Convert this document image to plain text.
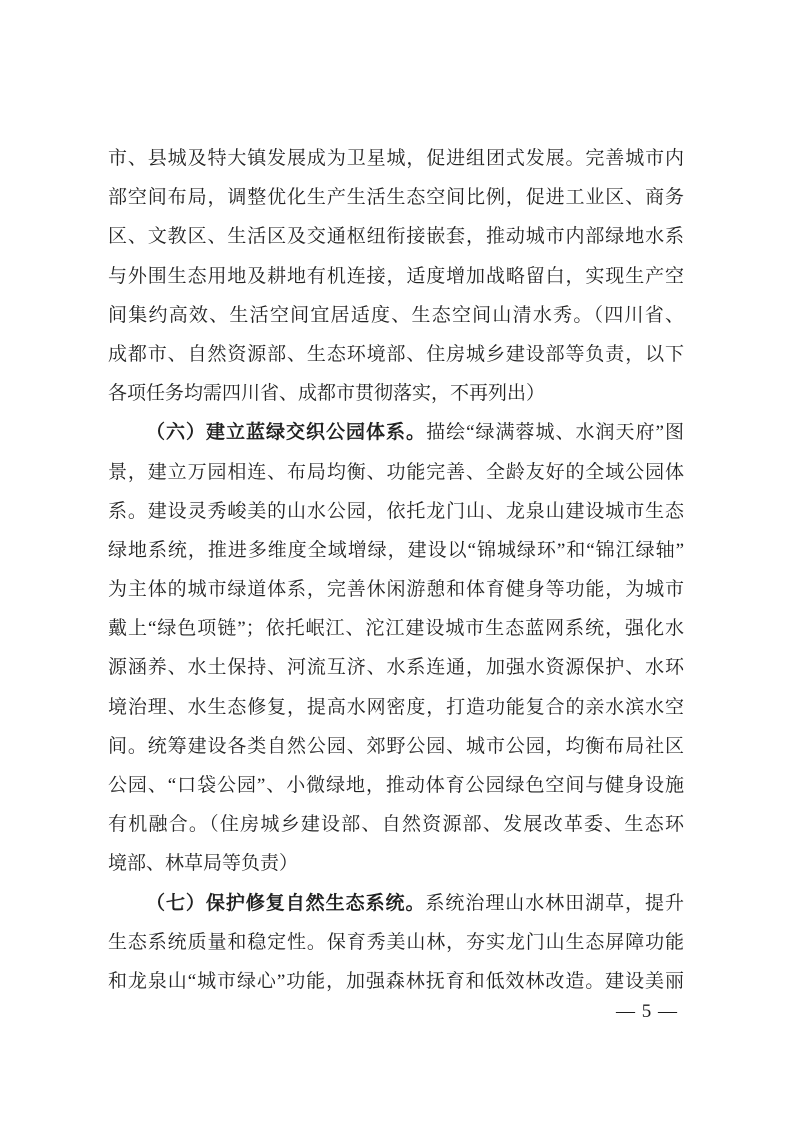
市、县城及特大镇发展成为卫星城，促进组团式发展。完善城市内
部空间布局，调整优化生产生活生态空间比例，促进工业区、商务
区、文教区、生活区及交通枢纽衔接嵌套，推动城市内部绿地水系
与外围生态用地及耕地有机连接，适度增加战略留白，实现生产空
间集约高效、生活空间宜居适度、生态空间山清水秀。（四川省、
成都市、自然资源部、生态环境部、住房城乡建设部等负责，以下
各项任务均需四川省、成都市贯彻落实，不再列出）
（六）建立蓝绿交织公园体系。描绘“绿满蓉城、水润天府”图
景，建立万园相连、布局均衡、功能完善、全龄友好的全域公园体
系。建设灵秀峻美的山水公园，依托龙门山、龙泉山建设城市生态
绿地系统，推进多维度全域增绿，建设以“锦城绿环”和“锦江绿轴”
为主体的城市绿道体系，完善休闲游憩和体育健身等功能，为城市
戴上“绿色项链”；依托岷江、沱江建设城市生态蓝网系统，强化水
源涵养、水土保持、河流互济、水系连通，加强水资源保护、水环
境治理、水生态修复，提高水网密度，打造功能复合的亲水滨水空
间。统筹建设各类自然公园、郊野公园、城市公园，均衡布局社区
公园、“口袋公园”、小微绿地，推动体育公园绿色空间与健身设施
有机融合。（住房城乡建设部、自然资源部、发展改革委、生态环
境部、林草局等负责）
（七）保护修复自然生态系统。系统治理山水林田湖草，提升
生态系统质量和稳定性。保育秀美山林，夯实龙门山生态屏障功能
和龙泉山“城市绿心”功能，加强森林抚育和低效林改造。建设美丽
— 5 —
